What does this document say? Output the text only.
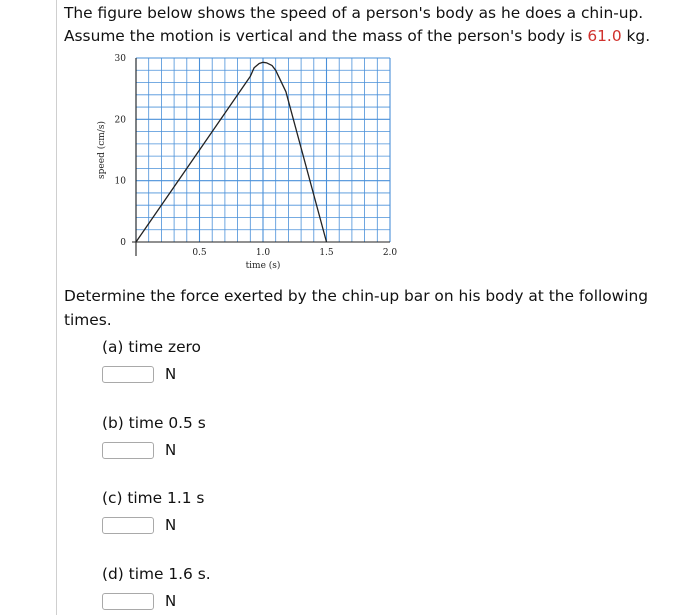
The figure below shows the speed of a person's body as he does a chin-up.
Assume the motion is vertical and the mass of the person's body is 61.0 kg.
0.5	1.0	1.5	2.0
10
20
30
0
time (s)
speed (cm/s)
Determine the force exerted by the chin-up bar on his body at the following times.
(a) time zero
N
(b) time 0.5 s
N
(c) time 1.1 s
N
(d) time 1.6 s.
N
